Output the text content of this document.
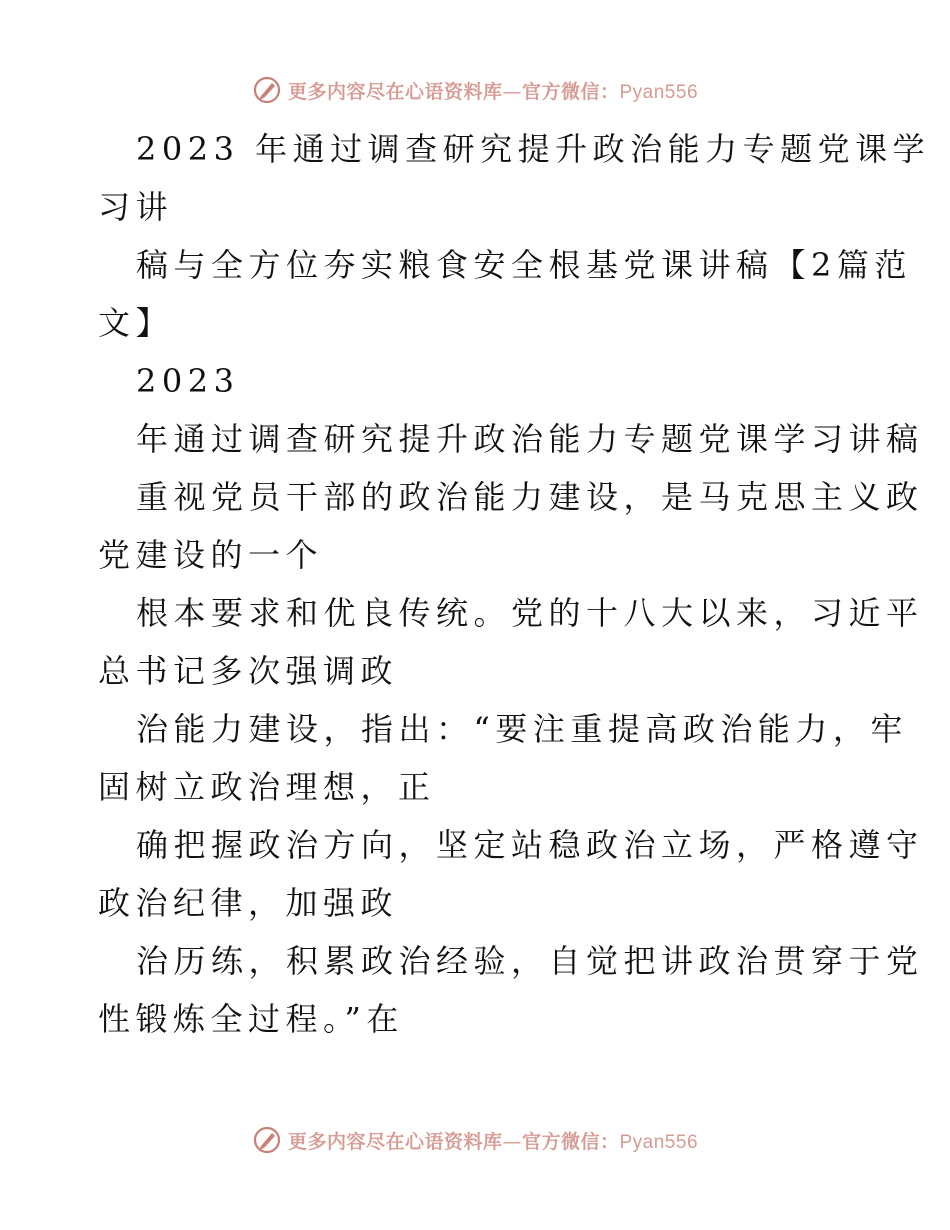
更多内容尽在心语资料库—官方微信：Pyan556
2023 年通过调查研究提升政治能力专题党课学
习讲
稿与全方位夯实粮食安全根基党课讲稿【2篇范
文】
2023
年通过调查研究提升政治能力专题党课学习讲稿
重视党员干部的政治能力建设，是马克思主义政
党建设的一个
根本要求和优良传统。党的十八大以来，习近平
总书记多次强调政
治能力建设，指出：“要注重提高政治能力，牢
固树立政治理想，正
确把握政治方向，坚定站稳政治立场，严格遵守
政治纪律，加强政
治历练，积累政治经验，自觉把讲政治贯穿于党
性锻炼全过程。”在
更多内容尽在心语资料库—官方微信：Pyan556
